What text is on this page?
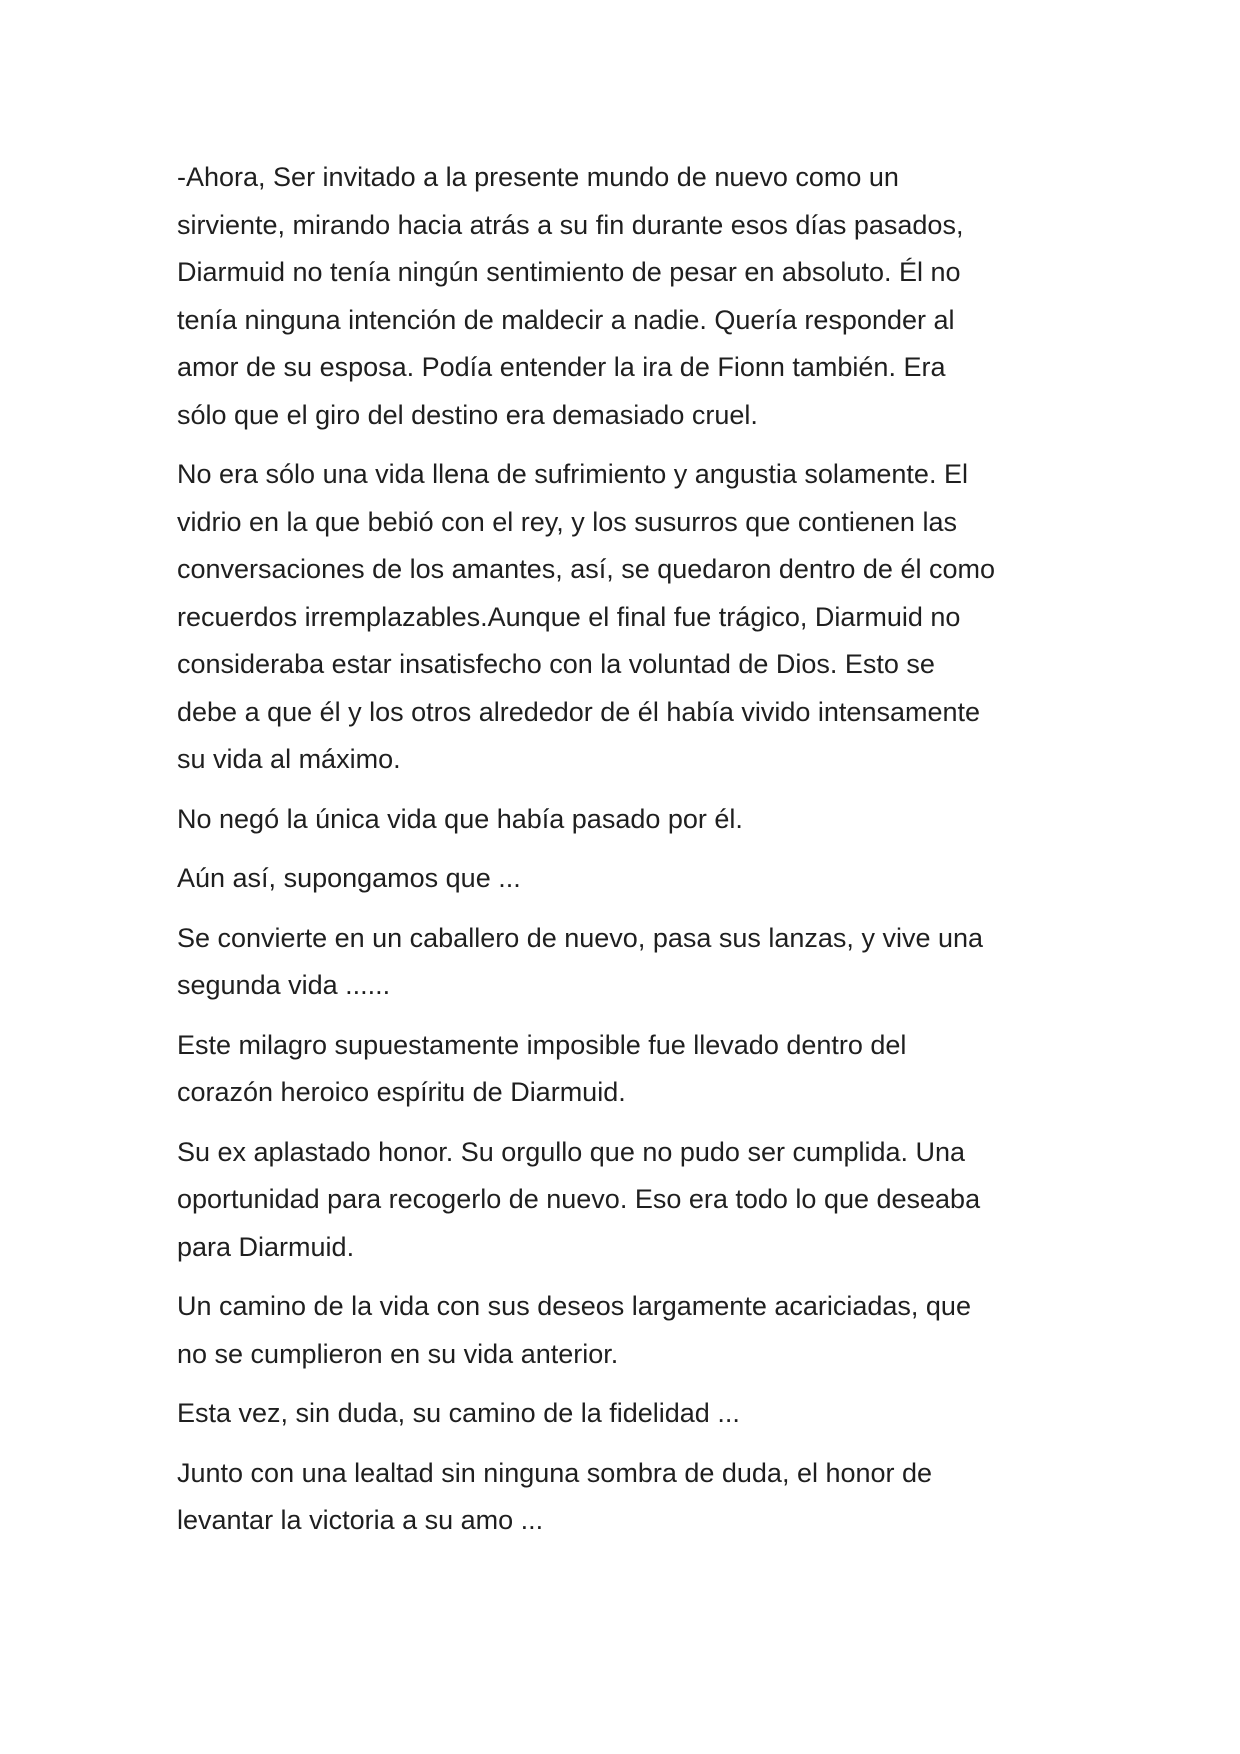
-Ahora, Ser invitado a la presente mundo de nuevo como un
sirviente, mirando hacia atrás a su fin durante esos días pasados,
Diarmuid no tenía ningún sentimiento de pesar en absoluto. Él no
tenía ninguna intención de maldecir a nadie. Quería responder al
amor de su esposa. Podía entender la ira de Fionn también. Era
sólo que el giro del destino era demasiado cruel.

No era sólo una vida llena de sufrimiento y angustia solamente. El
vidrio en la que bebió con el rey, y los susurros que contienen las
conversaciones de los amantes, así, se quedaron dentro de él como
recuerdos irremplazables.Aunque el final fue trágico, Diarmuid no
consideraba estar insatisfecho con la voluntad de Dios. Esto se
debe a que él y los otros alrededor de él había vivido intensamente
su vida al máximo.

No negó la única vida que había pasado por él.

Aún así, supongamos que ...

Se convierte en un caballero de nuevo, pasa sus lanzas, y vive una
segunda vida ......

Este milagro supuestamente imposible fue llevado dentro del
corazón heroico espíritu de Diarmuid.

Su ex aplastado honor. Su orgullo que no pudo ser cumplida. Una
oportunidad para recogerlo de nuevo. Eso era todo lo que deseaba
para Diarmuid.

Un camino de la vida con sus deseos largamente acariciadas, que
no se cumplieron en su vida anterior.

Esta vez, sin duda, su camino de la fidelidad ...

Junto con una lealtad sin ninguna sombra de duda, el honor de
levantar la victoria a su amo ...
